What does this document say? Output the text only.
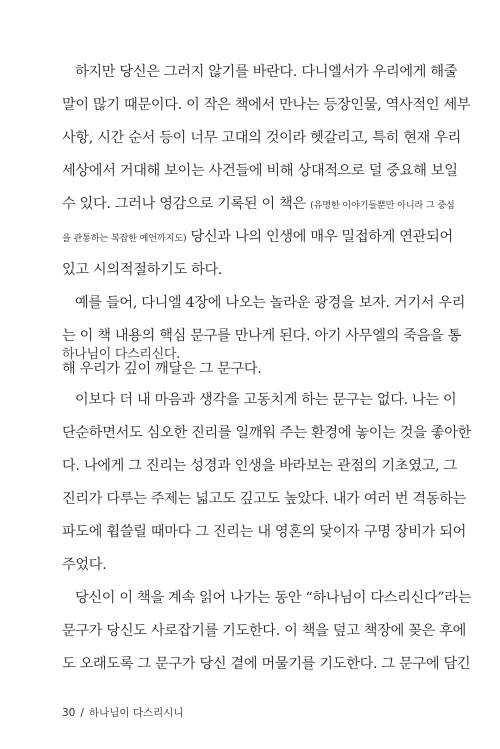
하지만 당신은 그러지 않기를 바란다. 다니엘서가 우리에게 해줄
말이 많기 때문이다. 이 작은 책에서 만나는 등장인물, 역사적인 세부
사항, 시간 순서 등이 너무 고대의 것이라 헷갈리고, 특히 현재 우리
세상에서 거대해 보이는 사건들에 비해 상대적으로 덜 중요해 보일
수 있다. 그러나 영감으로 기록된 이 책은 (유명한 이야기들뿐만 아니라 그 중심
을 관통하는 복잡한 예언까지도) 당신과 나의 인생에 매우 밀접하게 연관되어
있고 시의적절하기도 하다.
예를 들어, 다니엘 4장에 나오는 놀라운 광경을 보자. 거기서 우리
는 이 책 내용의 핵심 문구를 만나게 된다. 아기 사무엘의 죽음을 통
해 우리가 깊이 깨달은 그 문구다.
하나님이 다스리신다.
이보다 더 내 마음과 생각을 고동치게 하는 문구는 없다. 나는 이
단순하면서도 심오한 진리를 일깨워 주는 환경에 놓이는 것을 좋아한
다. 나에게 그 진리는 성경과 인생을 바라보는 관점의 기초였고, 그
진리가 다루는 주제는 넓고도 깊고도 높았다. 내가 여러 번 격동하는
파도에 휩쓸릴 때마다 그 진리는 내 영혼의 닻이자 구명 장비가 되어
주었다.
당신이 이 책을 계속 읽어 나가는 동안 “하나님이 다스리신다”라는
문구가 당신도 사로잡기를 기도한다. 이 책을 덮고 책장에 꽂은 후에
도 오래도록 그 문구가 당신 곁에 머물기를 기도한다. 그 문구에 담긴
30 / 하나님이 다스리시니
